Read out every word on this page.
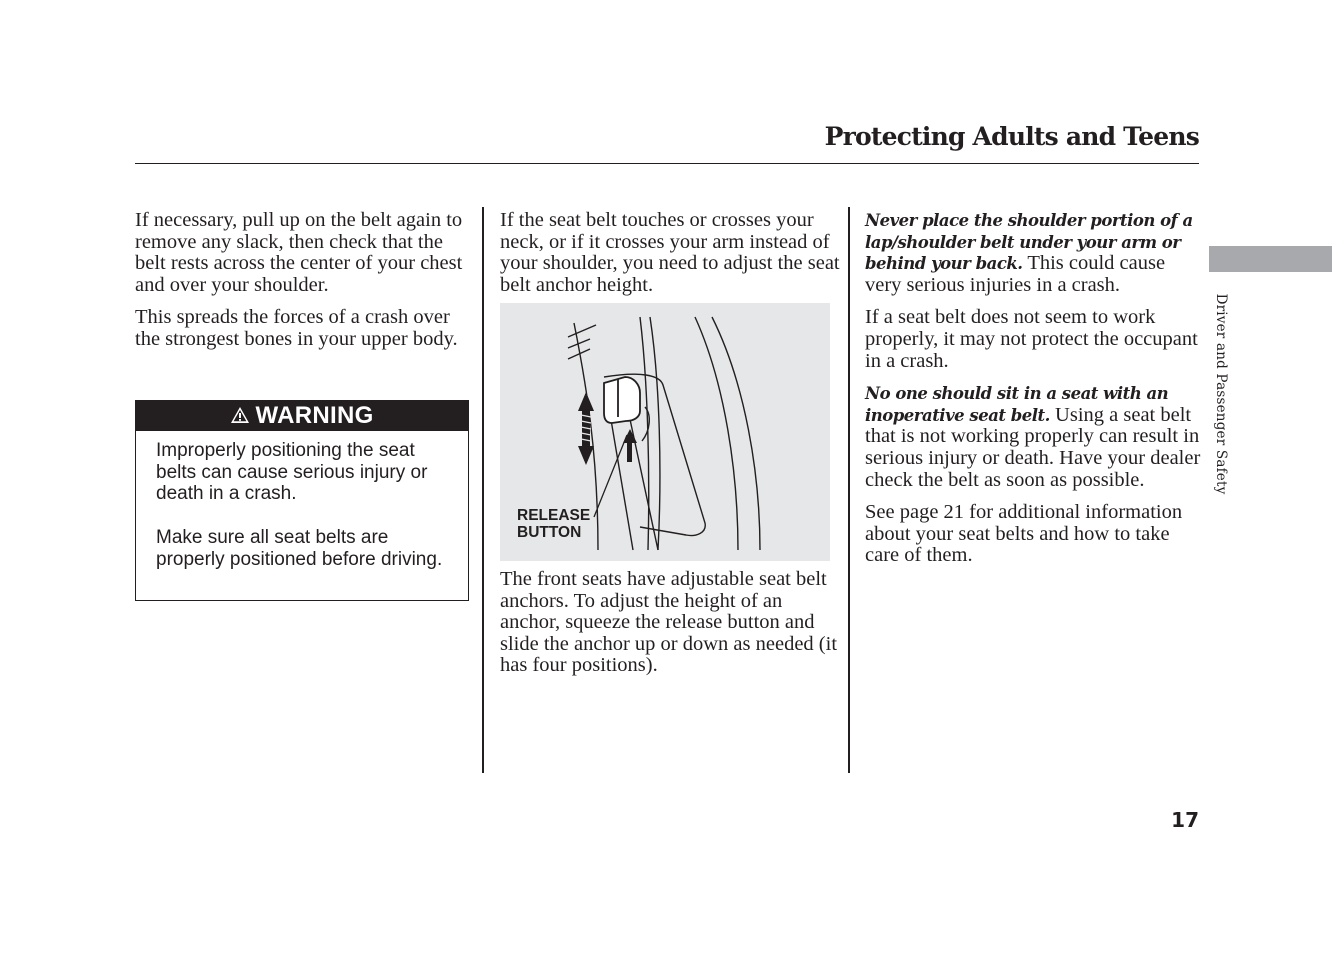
Protecting Adults and Teens

If necessary, pull up on the belt again to remove any slack, then check that the belt rests across the center of your chest and over your shoulder.

This spreads the forces of a crash over the strongest bones in your upper body.

WARNING

Improperly positioning the seat belts can cause serious injury or death in a crash.

Make sure all seat belts are properly positioned before driving.

If the seat belt touches or crosses your neck, or if it crosses your arm instead of your shoulder, you need to adjust the seat belt anchor height.

RELEASE
BUTTON

The front seats have adjustable seat belt anchors. To adjust the height of an anchor, squeeze the release button and slide the anchor up or down as needed (it has four positions).

Never place the shoulder portion of a lap/shoulder belt under your arm or behind your back. This could cause very serious injuries in a crash.

If a seat belt does not seem to work properly, it may not protect the occupant in a crash.

No one should sit in a seat with an inoperative seat belt. Using a seat belt that is not working properly can result in serious injury or death. Have your dealer check the belt as soon as possible.

See page 21 for additional information about your seat belts and how to take care of them.

Driver and Passenger Safety
17
